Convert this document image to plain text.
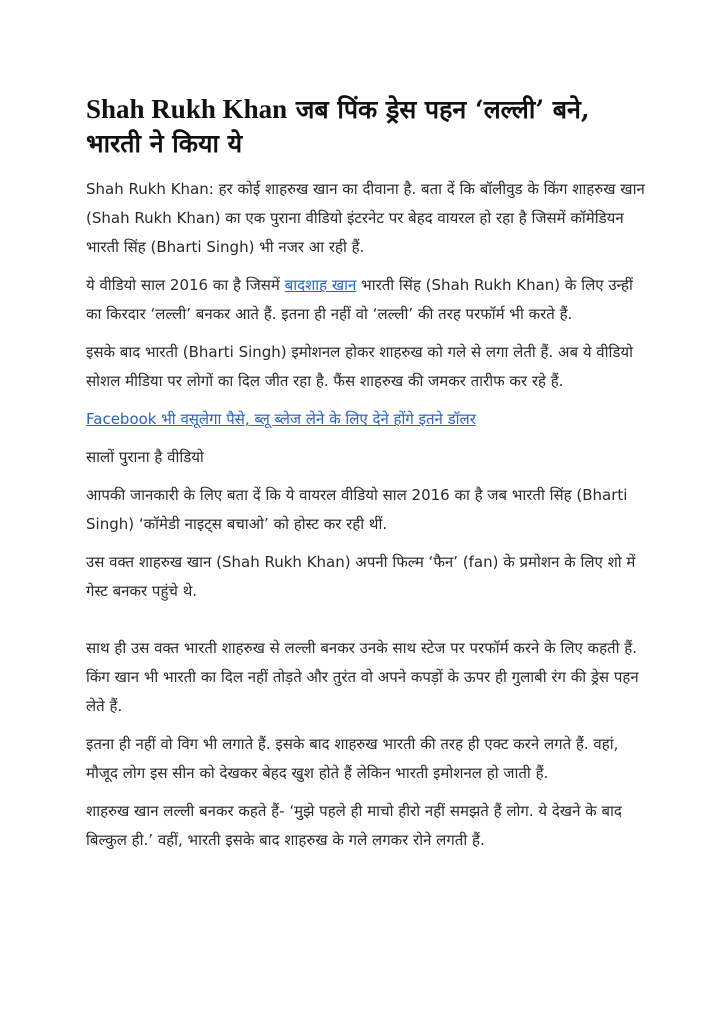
Shah Rukh Khan जब पिंक ड्रेस पहन ‘लल्ली’ बने, भारती ने किया ये

Shah Rukh Khan: हर कोई शाहरुख खान का दीवाना है. बता दें कि बॉलीवुड के किंग शाहरुख खान (Shah Rukh Khan) का एक पुराना वीडियो इंटरनेट पर बेहद वायरल हो रहा है जिसमें कॉमेडियन भारती सिंह (Bharti Singh) भी नजर आ रही हैं.

ये वीडियो साल 2016 का है जिसमें बादशाह खान भारती सिंह (Shah Rukh Khan) के लिए उन्हीं का किरदार ‘लल्ली’ बनकर आते हैं. इतना ही नहीं वो ‘लल्ली’ की तरह परफॉर्म भी करते हैं.

इसके बाद भारती (Bharti Singh) इमोशनल होकर शाहरुख को गले से लगा लेती हैं. अब ये वीडियो सोशल मीडिया पर लोगों का दिल जीत रहा है. फैंस शाहरुख की जमकर तारीफ कर रहे हैं.

Facebook भी वसूलेगा पैसे, ब्लू ब्लेज लेने के लिए देने होंगे इतने डॉलर

सालों पुराना है वीडियो

आपकी जानकारी के लिए बता दें कि ये वायरल वीडियो साल 2016 का है जब भारती सिंह (Bharti Singh) ‘कॉमेडी नाइट्स बचाओ’ को होस्ट कर रही थीं.

उस वक्त शाहरुख खान (Shah Rukh Khan) अपनी फिल्म ‘फैन’ (fan) के प्रमोशन के लिए शो में गेस्ट बनकर पहुंचे थे.

साथ ही उस वक्त भारती शाहरुख से लल्ली बनकर उनके साथ स्टेज पर परफॉर्म करने के लिए कहती हैं. किंग खान भी भारती का दिल नहीं तोड़ते और तुरंत वो अपने कपड़ों के ऊपर ही गुलाबी रंग की ड्रेस पहन लेते हैं.

इतना ही नहीं वो विग भी लगाते हैं. इसके बाद शाहरुख भारती की तरह ही एक्ट करने लगते हैं. वहां, मौजूद लोग इस सीन को देखकर बेहद खुश होते हैं लेकिन भारती इमोशनल हो जाती हैं.

शाहरुख खान लल्ली बनकर कहते हैं- ‘मुझे पहले ही माचो हीरो नहीं समझते हैं लोग. ये देखने के बाद बिल्कुल ही.’ वहीं, भारती इसके बाद शाहरुख के गले लगकर रोने लगती हैं.
